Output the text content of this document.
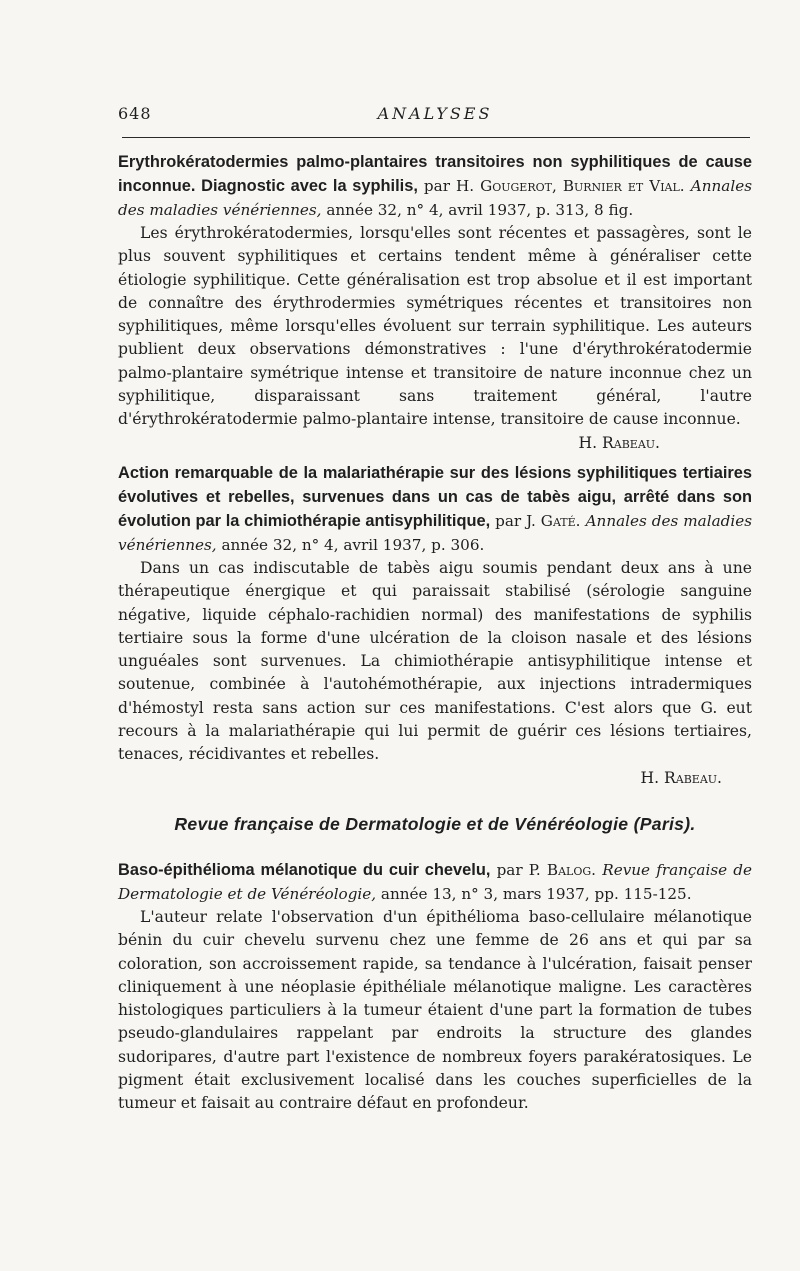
648	ANALYSES

Erythrokératodermies palmo-plantaires transitoires non syphilitiques de cause inconnue. Diagnostic avec la syphilis, par H. Gougerot, Burnier et Vial. Annales des maladies vénériennes, année 32, n° 4, avril 1937, p. 313, 8 fig.

Les érythrokératodermies, lorsqu'elles sont récentes et passagères, sont le plus souvent syphilitiques et certains tendent même à généraliser cette étiologie syphilitique. Cette généralisation est trop absolue et il est important de connaître des érythrodermies symétriques récentes et transitoires non syphilitiques, même lorsqu'elles évoluent sur terrain syphilitique. Les auteurs publient deux observations démonstratives : l'une d'érythrokératodermie palmo-plantaire symétrique intense et transitoire de nature inconnue chez un syphilitique, disparaissant sans traitement général, l'autre d'érythrokératodermie palmo-plantaire intense, transitoire de cause inconnue.
H. Rabeau.

Action remarquable de la malariathérapie sur des lésions syphilitiques tertiaires évolutives et rebelles, survenues dans un cas de tabès aigu, arrêté dans son évolution par la chimiothérapie antisyphilitique, par J. Gaté. Annales des maladies vénériennes, année 32, n° 4, avril 1937, p. 306.

Dans un cas indiscutable de tabès aigu soumis pendant deux ans à une thérapeutique énergique et qui paraissait stabilisé (sérologie sanguine négative, liquide céphalo-rachidien normal) des manifestations de syphilis tertiaire sous la forme d'une ulcération de la cloison nasale et des lésions unguéales sont survenues. La chimiothérapie antisyphilitique intense et soutenue, combinée à l'autohémothérapie, aux injections intradermiques d'hémostyl resta sans action sur ces manifestations. C'est alors que G. eut recours à la malariathérapie qui lui permit de guérir ces lésions tertiaires, tenaces, récidivantes et rebelles.

H. Rabeau.

Revue française de Dermatologie et de Vénéréologie (Paris).

Baso-épithélioma mélanotique du cuir chevelu, par P. Balog. Revue française de Dermatologie et de Vénéréologie, année 13, n° 3, mars 1937, pp. 115-125.

L'auteur relate l'observation d'un épithélioma baso-cellulaire mélanotique bénin du cuir chevelu survenu chez une femme de 26 ans et qui par sa coloration, son accroissement rapide, sa tendance à l'ulcération, faisait penser cliniquement à une néoplasie épithéliale mélanotique maligne. Les caractères histologiques particuliers à la tumeur étaient d'une part la formation de tubes pseudo-glandulaires rappelant par endroits la structure des glandes sudoripares, d'autre part l'existence de nombreux foyers parakératosiques. Le pigment était exclusivement localisé dans les couches superficielles de la tumeur et faisait au contraire défaut en profondeur.
